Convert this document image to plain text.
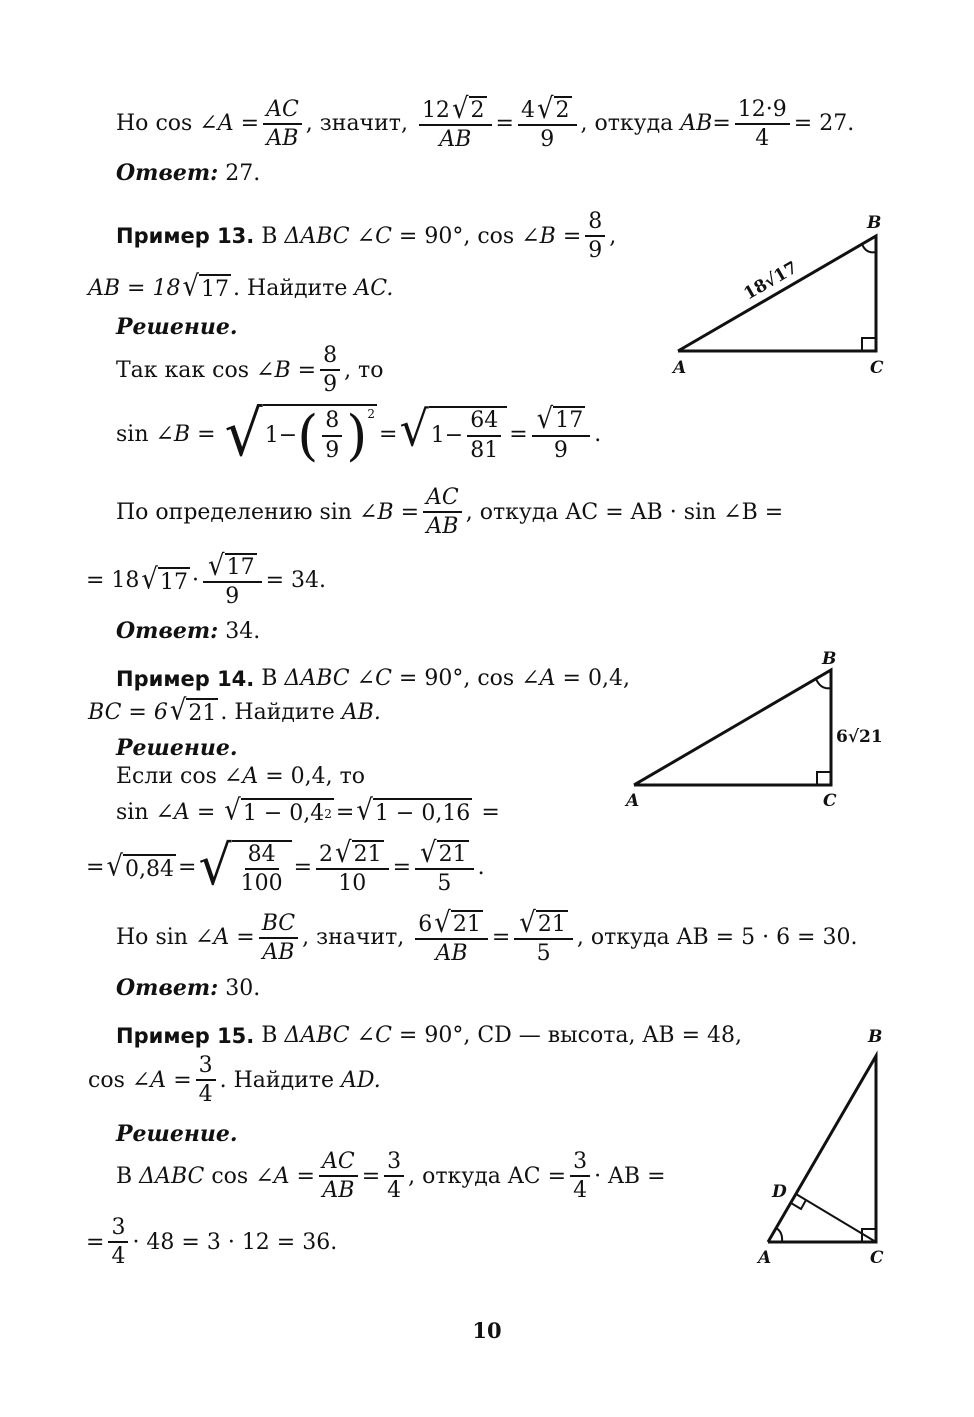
Но
cos
∠A
= $\frac{AC}{AB}$ , значит,
$\frac{12 √ 2}{AB} = \frac{4 √ 2}{9}$ , откуда
AB = $\frac{12\cdot 9}{4} = 27$.
Ответ:
27.
Пример 13.
В
ΔABC
∠C
= 90°,
cos
∠B
= $\frac{8}{9}$ ,
AB = 18 √ 17 . Найдите
AC.
Решение.
Так как
cos
∠B
= $\frac{8}{9}$ , то
sin
∠B
=
√ 1 − ( $\frac{8}{9} )^2$
= √ $1 - \frac{64}{81} = \frac{√ 17}{9}$ .
По определению
sin
∠B
= $\frac{AC}{AB}$ , откуда AC = AB · sin ∠B =
= 18 √ $17 \cdot \frac{√ 17}{9} = 34$.
Ответ:
34.
B
A	C
18√17
Пример 14.
В
ΔABC
∠C
= 90°,
cos
∠A
= 0,4,
BC = 6 √ 21 . Найдите
AB.
Решение.
Если
cos
∠A
= 0,4 , то
sin
∠A
=
√ 1 − 0,4 2 = √ 1 − 0,16
=
= √ 0,84 = √ $\frac{84}{100} = \frac{2 √ 21}{10} = \frac{√ 21}{5}$ .
Но
sin
∠A
= $\frac{BC}{AB}$ , значит,
$\frac{6 √ 21}{AB} = \frac{√ 21}{5}$ , откуда AB = 5 · 6 = 30.
Ответ:
30.
B
A	C
6√21
Пример 15.
В
ΔABC
∠C
= 90°, CD — высота, AB = 48,
cos
∠A
= $\frac{3}{4}$ . Найдите
AD.
Решение.
В
ΔABC
cos
∠A
= $\frac{AC}{AB} = \frac{3}{4}$ , откуда AC = $\frac{3}{4}$ · AB =
= $\frac{3}{4} \cdot 48 = 3 \cdot 12 = 36$.
B
D
A	C
10
